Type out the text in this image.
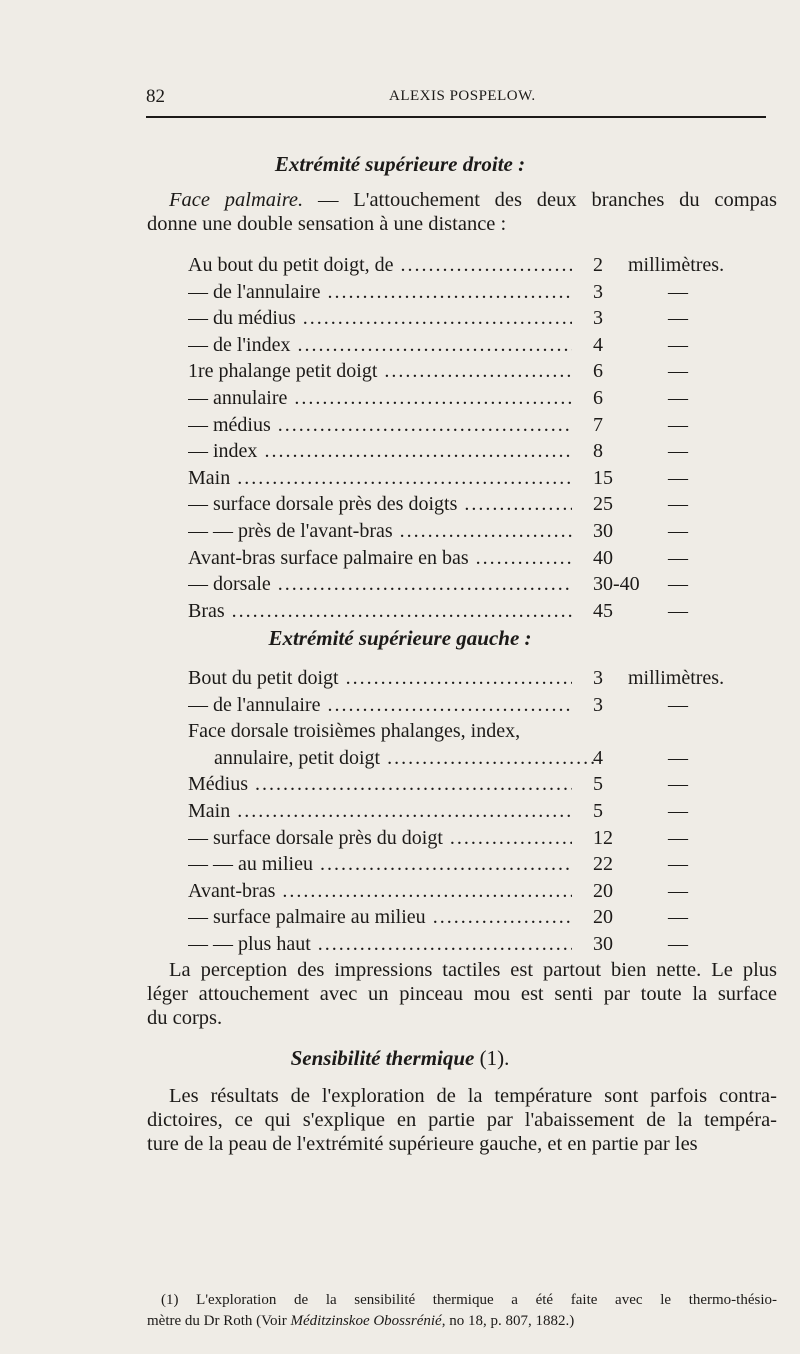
82	ALEXIS POSPELOW.
Extrémité supérieure droite :
Face palmaire. — L'attouchement des deux branches du compas
donne une double sensation à une distance :
Au bout du petit doigt, de .....	2	millimètres.
— de l'annulaire .....	3	—
— du médius .....	3	—
— de l'index .....	4	—
1re phalange petit doigt .....	6	—
— annulaire .....	6	—
— médius .....	7	—
— index .....	8	—
Main .....	15	—
— surface dorsale près des doigts .....	25	—
— — près de l'avant-bras .....	30	—
Avant-bras surface palmaire en bas .....	40	—
— dorsale .....	30-40	—
Bras .....	45	—
Extrémité supérieure gauche :
Bout du petit doigt .....	3	millimètres.
— de l'annulaire .....	3	—
Face dorsale troisièmes phalanges, index,
annulaire, petit doigt .....	4	—
Médius .....	5	—
Main .....	5	—
— surface dorsale près du doigt .....	12	—
— — au milieu .....	22	—
Avant-bras .....	20	—
— surface palmaire au milieu .....	20	—
— — plus haut .....	30	—
La perception des impressions tactiles est partout bien nette. Le plus
léger attouchement avec un pinceau mou est senti par toute la surface
du corps.
Sensibilité thermique (1).
Les résultats de l'exploration de la température sont parfois contra-
dictoires, ce qui s'explique en partie par l'abaissement de la tempéra-
ture de la peau de l'extrémité supérieure gauche, et en partie par les
(1) L'exploration de la sensibilité thermique a été faite avec le thermo-thésio-
mètre du Dr Roth (Voir Méditzinskoe Obossrénié, no 18, p. 807, 1882.)
